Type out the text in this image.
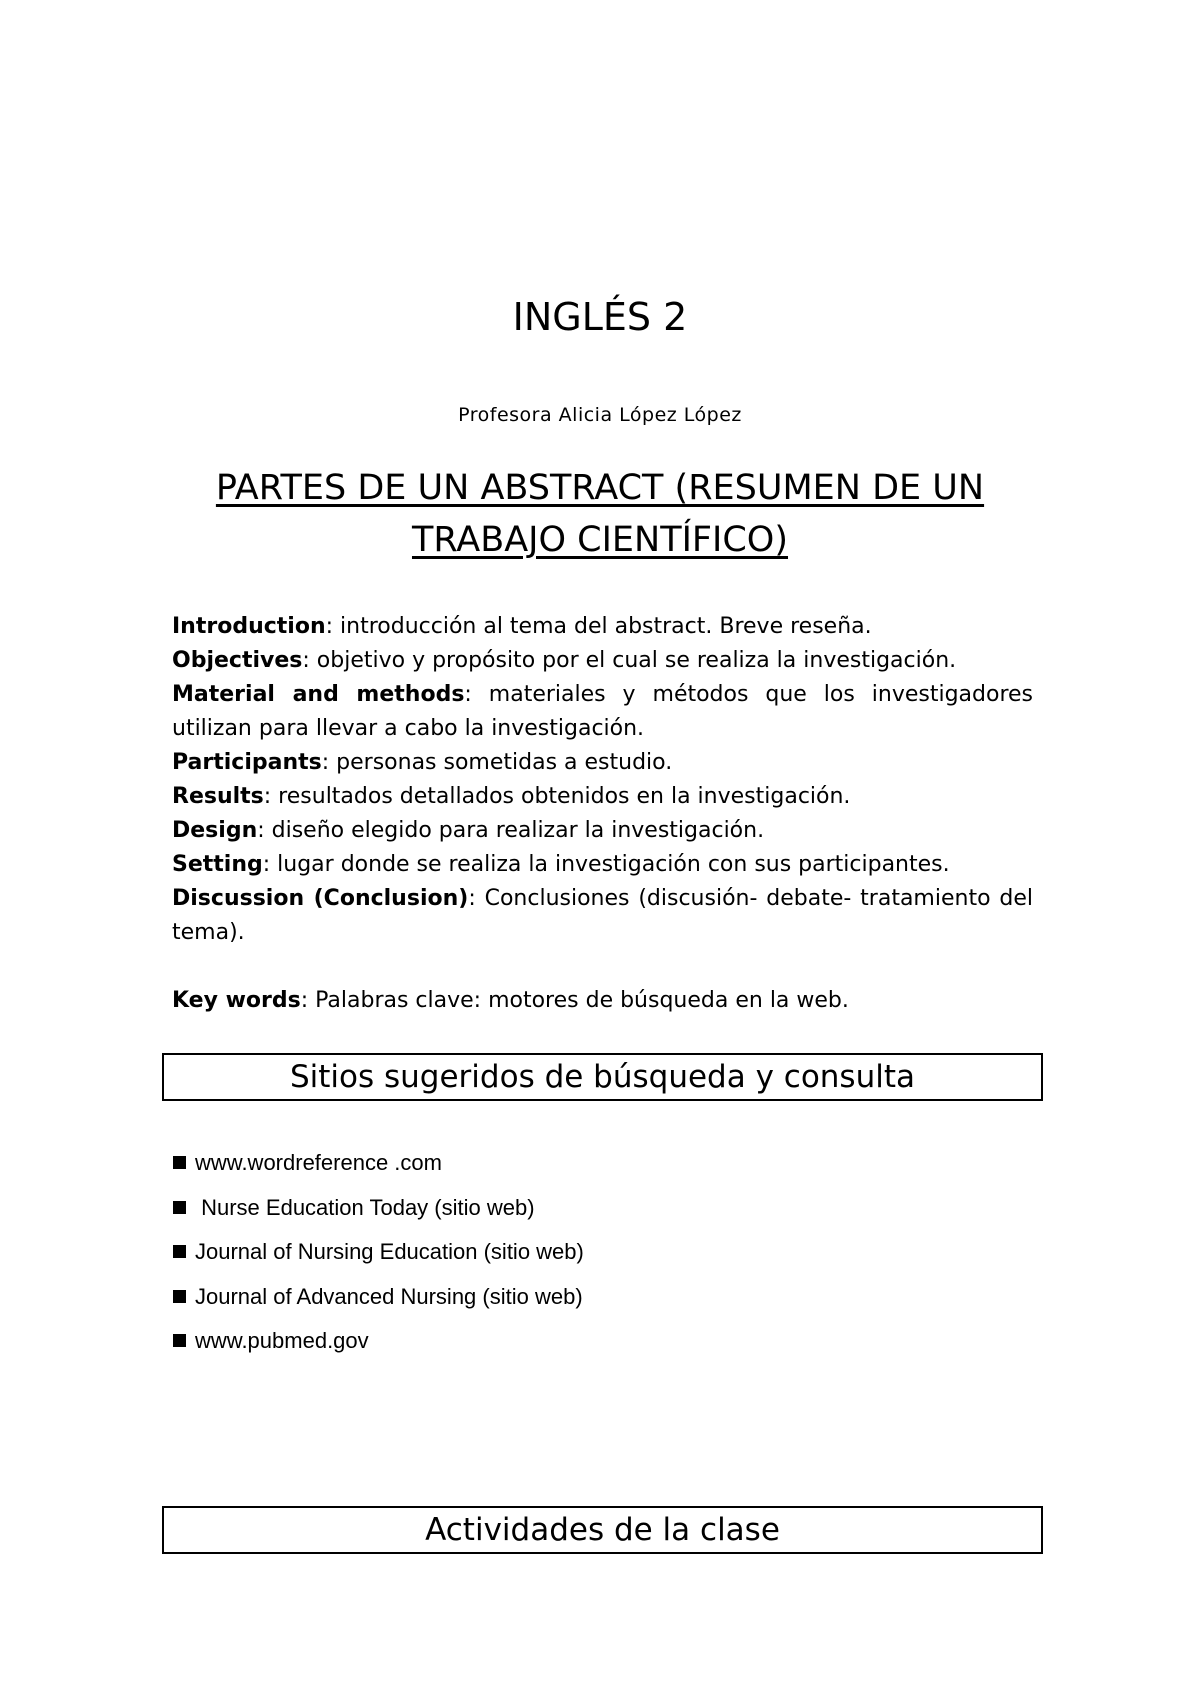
INGLÉS 2
Profesora Alicia López López
PARTES DE UN ABSTRACT (RESUMEN DE UN TRABAJO CIENTÍFICO)
Introduction: introducción al tema del abstract. Breve reseña.
Objectives: objetivo y propósito por el cual se realiza la investigación.
Material and methods: materiales y métodos que los investigadores utilizan para llevar a cabo la investigación.
Participants: personas sometidas a estudio.
Results: resultados detallados obtenidos en la investigación.
Design: diseño elegido para realizar la investigación.
Setting: lugar donde se realiza la investigación con sus participantes.
Discussion (Conclusion): Conclusiones (discusión- debate- tratamiento del tema).
Key words: Palabras clave: motores de búsqueda en la web.
Sitios sugeridos de búsqueda y consulta
www.wordreference .com
Nurse Education Today (sitio web)
Journal of Nursing Education (sitio web)
Journal of Advanced Nursing (sitio web)
www.pubmed.gov
Actividades de la clase
